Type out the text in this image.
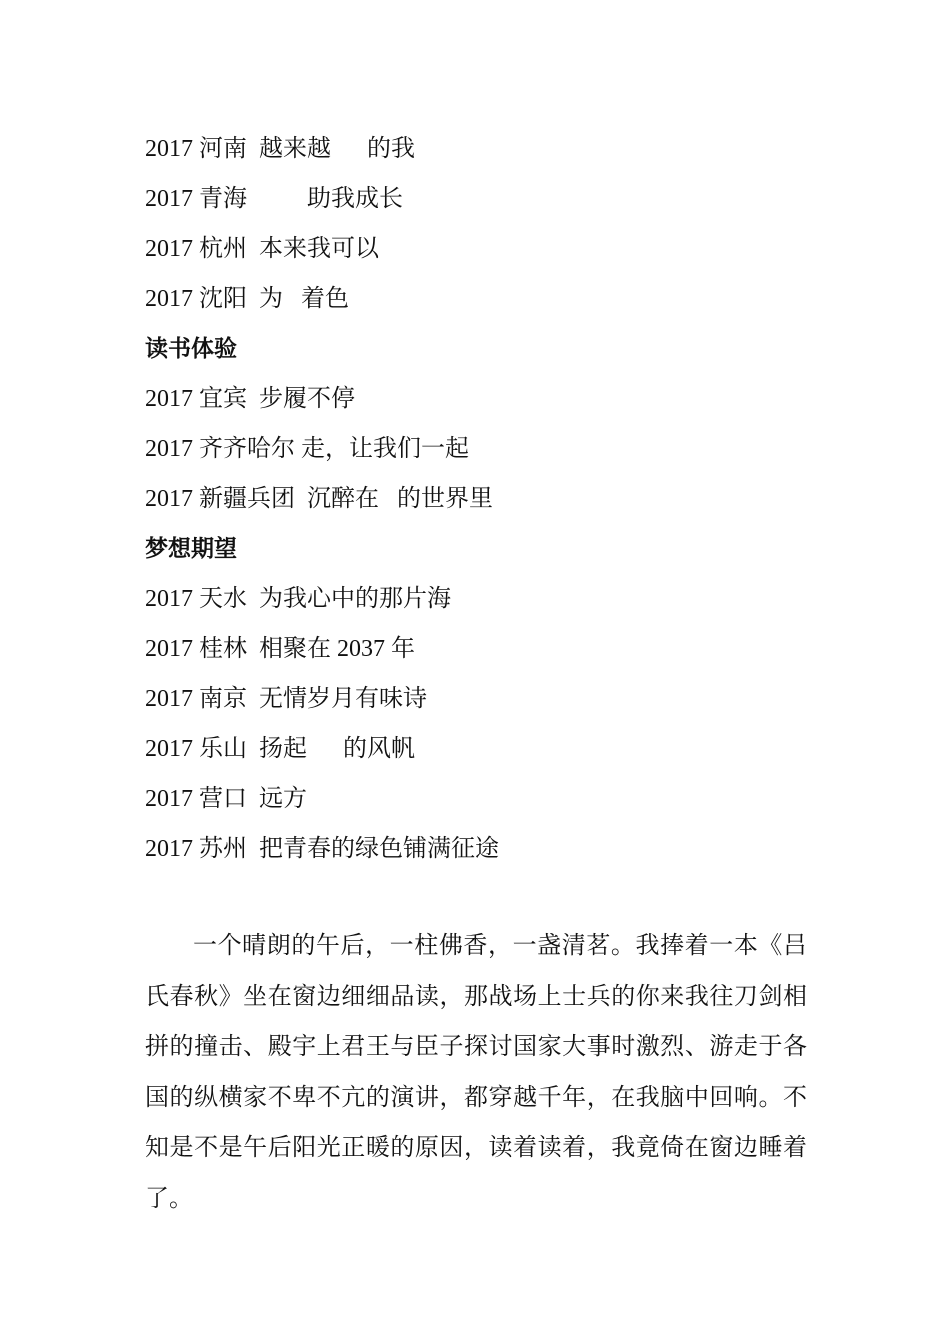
2017 河南  越来越      的我
2017 青海          助我成长
2017 杭州  本来我可以
2017 沈阳  为   着色
读书体验
2017 宜宾  步履不停
2017 齐齐哈尔 走，让我们一起
2017 新疆兵团  沉醉在   的世界里
梦想期望
2017 天水  为我心中的那片海
2017 桂林  相聚在 2037 年
2017 南京  无情岁月有味诗
2017 乐山  扬起      的风帆
2017 营口  远方
2017 苏州  把青春的绿色铺满征途

一个晴朗的午后，一柱佛香，一盏清茗。我捧着一本《吕氏春秋》坐在窗边细细品读，那战场上士兵的你来我往刀剑相拼的撞击、殿宇上君王与臣子探讨国家大事时激烈、游走于各国的纵横家不卑不亢的演讲，都穿越千年，在我脑中回响。不知是不是午后阳光正暖的原因，读着读着，我竟倚在窗边睡着了。
